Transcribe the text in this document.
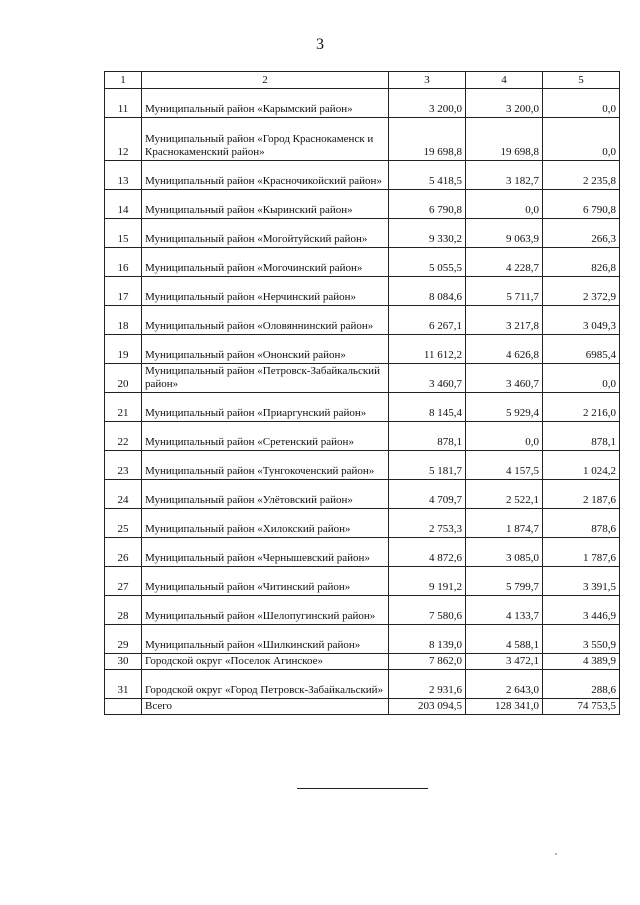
3
1	2	3	4	5
11	Муниципальный район «Карымский район»	3 200,0	3 200,0	0,0
12	Муниципальный район «Город Краснокаменск и Краснокаменский район»	19 698,8	19 698,8	0,0
13	Муниципальный район «Красночикойский район»	5 418,5	3 182,7	2 235,8
14	Муниципальный район «Кыринский район»	6 790,8	0,0	6 790,8
15	Муниципальный район «Могойтуйский район»	9 330,2	9 063,9	266,3
16	Муниципальный район «Могочинский район»	5 055,5	4 228,7	826,8
17	Муниципальный район «Нерчинский район»	8 084,6	5 711,7	2 372,9
18	Муниципальный район «Оловяннинский район»	6 267,1	3 217,8	3 049,3
19	Муниципальный район «Ононский район»	11 612,2	4 626,8	6985,4
20	Муниципальный район «Петровск-Забайкальский район»	3 460,7	3 460,7	0,0
21	Муниципальный район «Приаргунский район»	8 145,4	5 929,4	2 216,0
22	Муниципальный район «Сретенский район»	878,1	0,0	878,1
23	Муниципальный район «Тунгокоченский район»	5 181,7	4 157,5	1 024,2
24	Муниципальный район «Улётовский район»	4 709,7	2 522,1	2 187,6
25	Муниципальный район «Хилокский район»	2 753,3	1 874,7	878,6
26	Муниципальный район «Чернышевский район»	4 872,6	3 085,0	1 787,6
27	Муниципальный район «Читинский район»	9 191,2	5 799,7	3 391,5
28	Муниципальный район «Шелопугинский район»	7 580,6	4 133,7	3 446,9
29	Муниципальный район «Шилкинский район»	8 139,0	4 588,1	3 550,9
30	Городской округ «Поселок Агинское»	7 862,0	3 472,1	4 389,9
31	Городской округ «Город Петровск-Забайкальский»	2 931,6	2 643,0	288,6
	Всего	203 094,5	128 341,0	74 753,5
